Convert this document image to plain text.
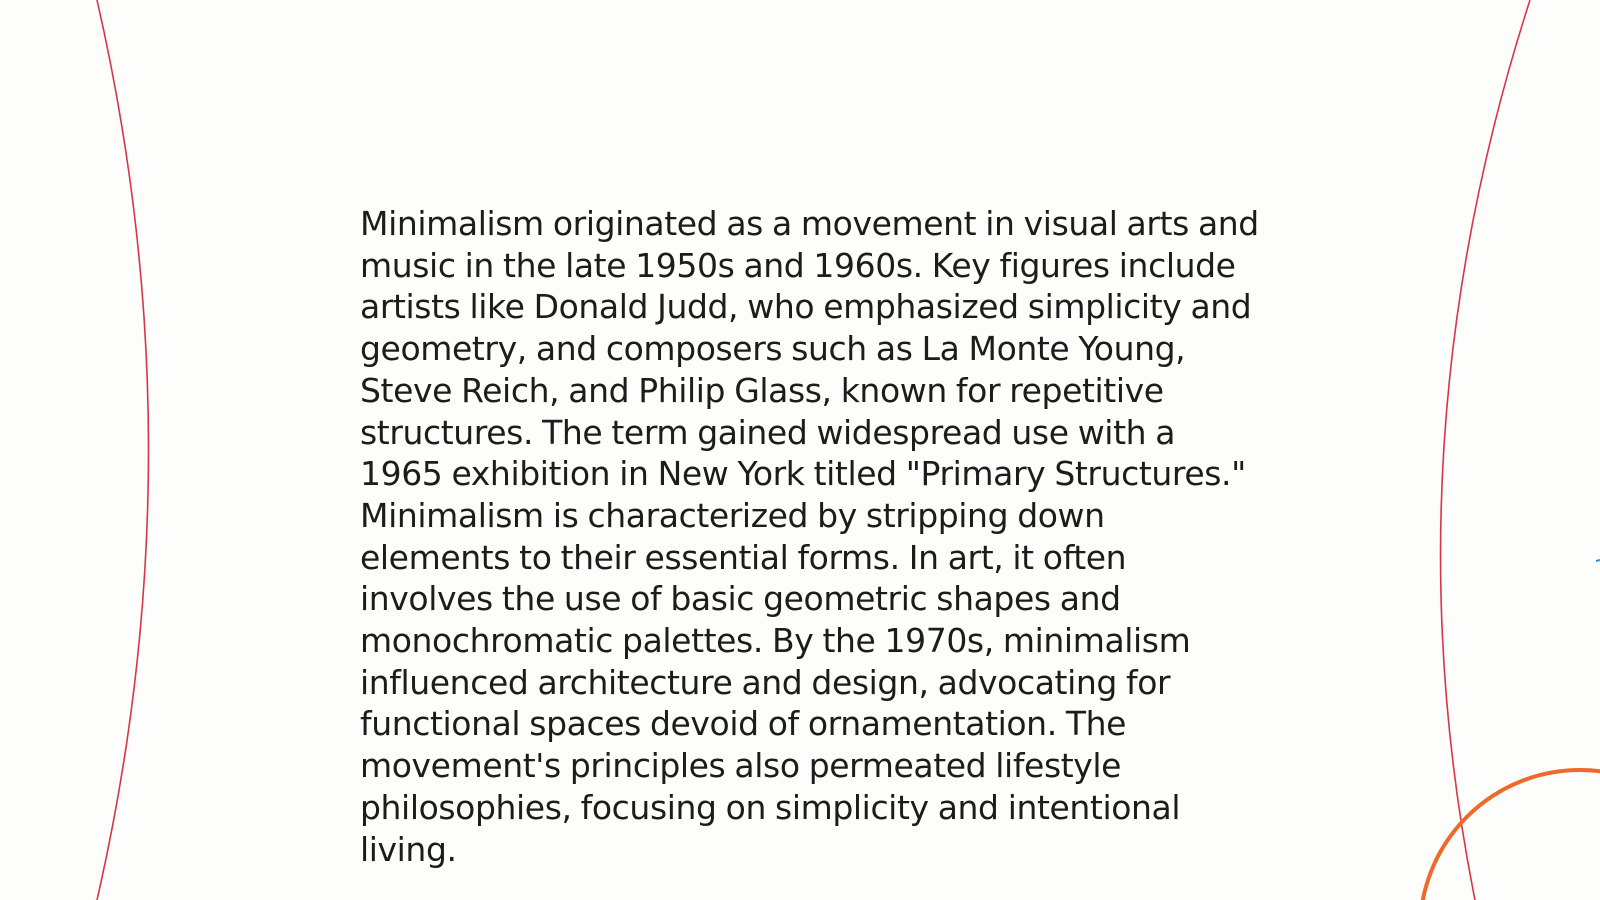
Minimalism originated as a movement in visual arts and music in the late 1950s and 1960s. Key figures include artists like Donald Judd, who emphasized simplicity and geometry, and composers such as La Monte Young, Steve Reich, and Philip Glass, known for repetitive structures. The term gained widespread use with a 1965 exhibition in New York titled "Primary Structures." Minimalism is characterized by stripping down elements to their essential forms. In art, it often involves the use of basic geometric shapes and monochromatic palettes. By the 1970s, minimalism influenced architecture and design, advocating for functional spaces devoid of ornamentation. The movement's principles also permeated lifestyle philosophies, focusing on simplicity and intentional living.
